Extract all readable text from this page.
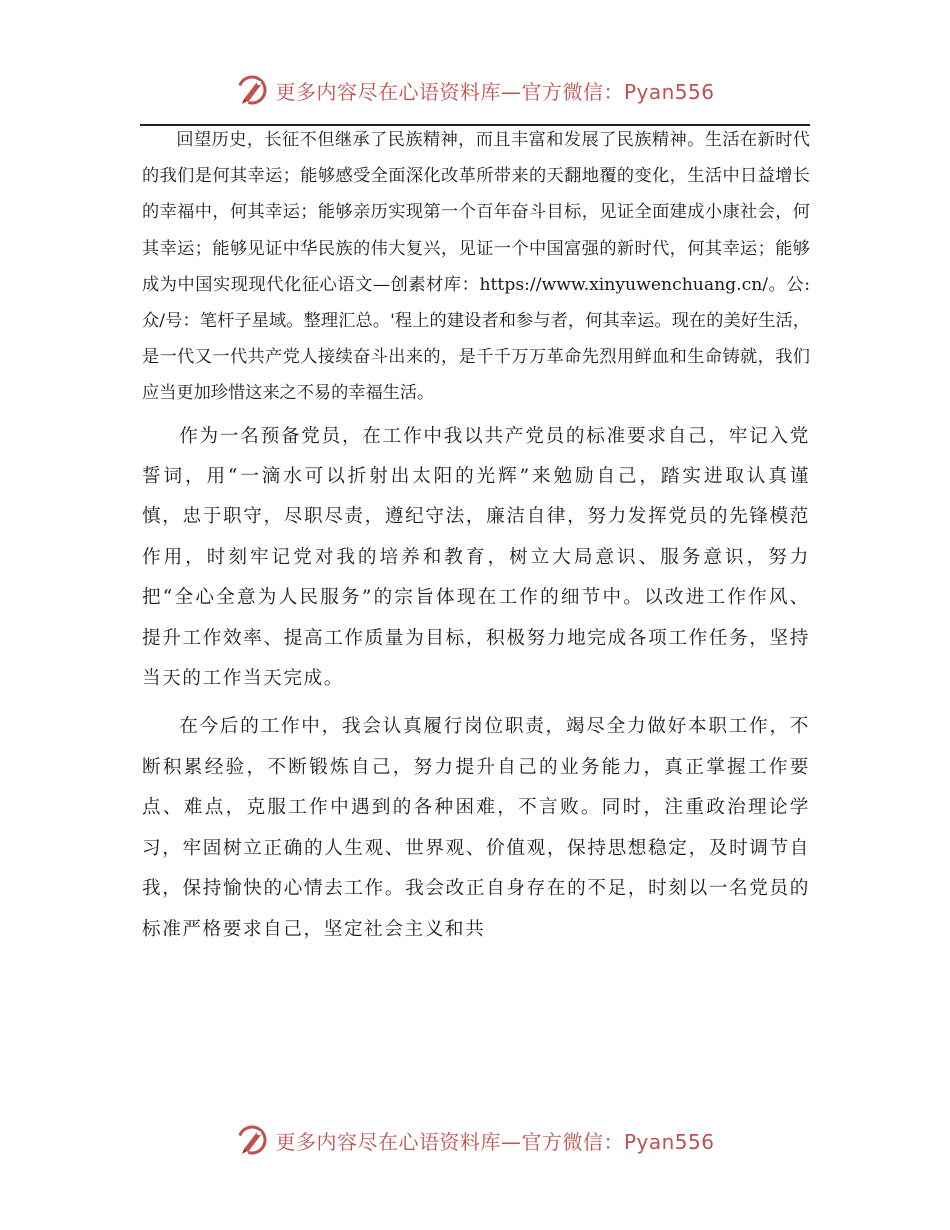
更多内容尽在心语资料库—官方微信：Pyan556

回望历史，长征不但继承了民族精神，而且丰富和发展了民族精神。生活在新时代的我们是何其幸运；能够感受全面深化改革所带来的天翻地覆的变化，生活中日益增长的幸福中，何其幸运；能够亲历实现第一个百年奋斗目标，见证全面建成小康社会，何其幸运；能够见证中华民族的伟大复兴，见证一个中国富强的新时代，何其幸运；能够成为中国实现现代化征心语文—创素材库：https://www.xinyuwenchuang.cn/。公:众/号：笔杆子星域。整理汇总。'程上的建设者和参与者，何其幸运。现在的美好生活，是一代又一代共产党人接续奋斗出来的，是千千万万革命先烈用鲜血和生命铸就，我们应当更加珍惜这来之不易的幸福生活。

作为一名预备党员，在工作中我以共产党员的标准要求自己，牢记入党誓词，用“一滴水可以折射出太阳的光辉”来勉励自己，踏实进取认真谨慎，忠于职守，尽职尽责，遵纪守法，廉洁自律，努力发挥党员的先锋模范作用，时刻牢记党对我的培养和教育，树立大局意识、服务意识，努力把“全心全意为人民服务”的宗旨体现在工作的细节中。以改进工作作风、提升工作效率、提高工作质量为目标，积极努力地完成各项工作任务，坚持当天的工作当天完成。

在今后的工作中，我会认真履行岗位职责，竭尽全力做好本职工作，不断积累经验，不断锻炼自己，努力提升自己的业务能力，真正掌握工作要点、难点，克服工作中遇到的各种困难，不言败。同时，注重政治理论学习，牢固树立正确的人生观、世界观、价值观，保持思想稳定，及时调节自我，保持愉快的心情去工作。我会改正自身存在的不足，时刻以一名党员的标准严格要求自己，坚定社会主义和共

更多内容尽在心语资料库—官方微信：Pyan556
